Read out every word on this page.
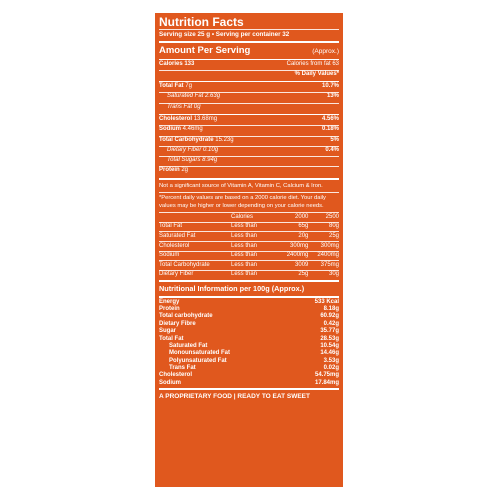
Nutrition Facts
Serving size 25 g • Serving per container 32
Amount Per Serving	(Approx.)
Calories 133	Calories from fat 63
% Daily Values*
Total Fat 7g	10.7%
Saturated Fat 2.63g	13%
Trans Fat 0g
Cholesterol 13.68mg	4.56%
Sodium 4.46mg	0.18%
Total Carbohydrate 15.23g	5%
Dietary Fiber 0.10g	0.4%
Total Sugars 8.94g
Protein 2g
Not a significant source of Vitamin A, Vitamin C, Calcium & Iron.
*Percent daily values are based on a 2000 calorie diet. Your daily values may be higher or lower depending on your calorie needs.
	Calories	2000	2500
Total Fat	Less than	65g	80g
Saturated Fat	Less than	20g	25g
Cholesterol	Less than	300mg	300mg
Sodium	Less than	2400mg	2400mg
Total Carbohydrate	Less than	3009	375mg
Dietary Fiber	Less than	25g	30g
Nutritional Information per 100g (Approx.)
Energy	533 Kcal
Protein	8.18g
Total carbohydrate	60.92g
Dietary Fibre	0.42g
Sugar	35.77g
Total Fat	28.53g
Saturated Fat	10.54g
Monounsaturated Fat	14.46g
Polyunsaturated Fat	3.53g
Trans Fat	0.02g
Cholesterol	54.75mg
Sodium	17.84mg
A PROPRIETARY FOOD | READY TO EAT SWEET
